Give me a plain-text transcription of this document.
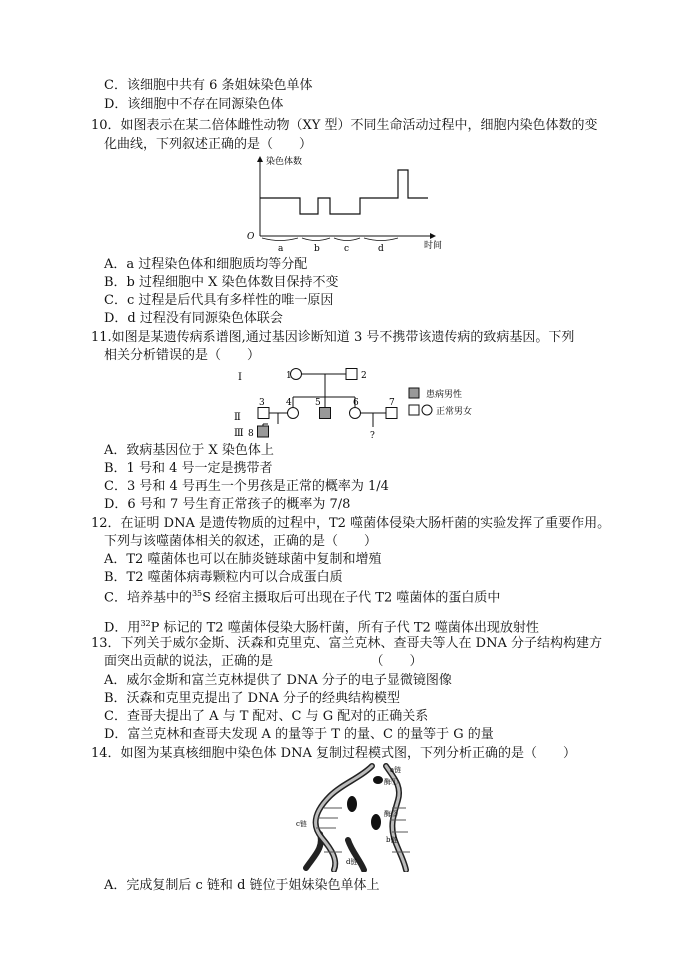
C．该细胞中共有 6 条姐妹染色单体
D．该细胞中不存在同源染色体
10．如图表示在某二倍体雌性动物（XY 型）不同生命活动过程中，细胞内染色体数的变
化曲线，下列叙述正确的是（　　）
染色体数
O
时间
a	b	c	d
A．a 过程染色体和细胞质均等分配
B．b 过程细胞中 X 染色体数目保持不变
C．c 过程是后代具有多样性的唯一原因
D．d 过程没有同源染色体联会
11.如图是某遗传病系谱图,通过基因诊断知道 3 号不携带该遗传病的致病基因。下列
相关分析错误的是（　　）
Ⅰ
Ⅱ
Ⅲ
1	2
3 4	5	6	7
8	?
患病男性
正常男女
A．致病基因位于 X 染色体上
B．1 号和 4 号一定是携带者
C．3 号和 4 号再生一个男孩是正常的概率为 1/4
D．6 号和 7 号生育正常孩子的概率为 7/8
12．在证明 DNA 是遗传物质的过程中，T2 噬菌体侵染大肠杆菌的实验发挥了重要作用。
下列与该噬菌体相关的叙述，正确的是（　　）
A．T2 噬菌体也可以在肺炎链球菌中复制和增殖
B．T2 噬菌体病毒颗粒内可以合成蛋白质
C．培养基中的$^{35}$S 经宿主摄取后可出现在子代 T2 噬菌体的蛋白质中
D．用$^{32}$P 标记的 T2 噬菌体侵染大肠杆菌，所有子代 T2 噬菌体出现放射性
13．下列关于威尔金斯、沃森和克里克、富兰克林、查哥夫等人在 DNA 分子结构构建方
面突出贡献的说法，正确的是　　　　　　　　（　　）
A．威尔金斯和富兰克林提供了 DNA 分子的电子显微镜图像
B．沃森和克里克提出了 DNA 分子的经典结构模型
C．查哥夫提出了 A 与 T 配对、C 与 G 配对的正确关系
D．富兰克林和查哥夫发现 A 的量等于 T 的量、C 的量等于 G 的量
14．如图为某真核细胞中染色体 DNA 复制过程模式图，下列分析正确的是（　　）
a链
酶①
酶②
b链
c链
d链
A．完成复制后 c 链和 d 链位于姐妹染色单体上
